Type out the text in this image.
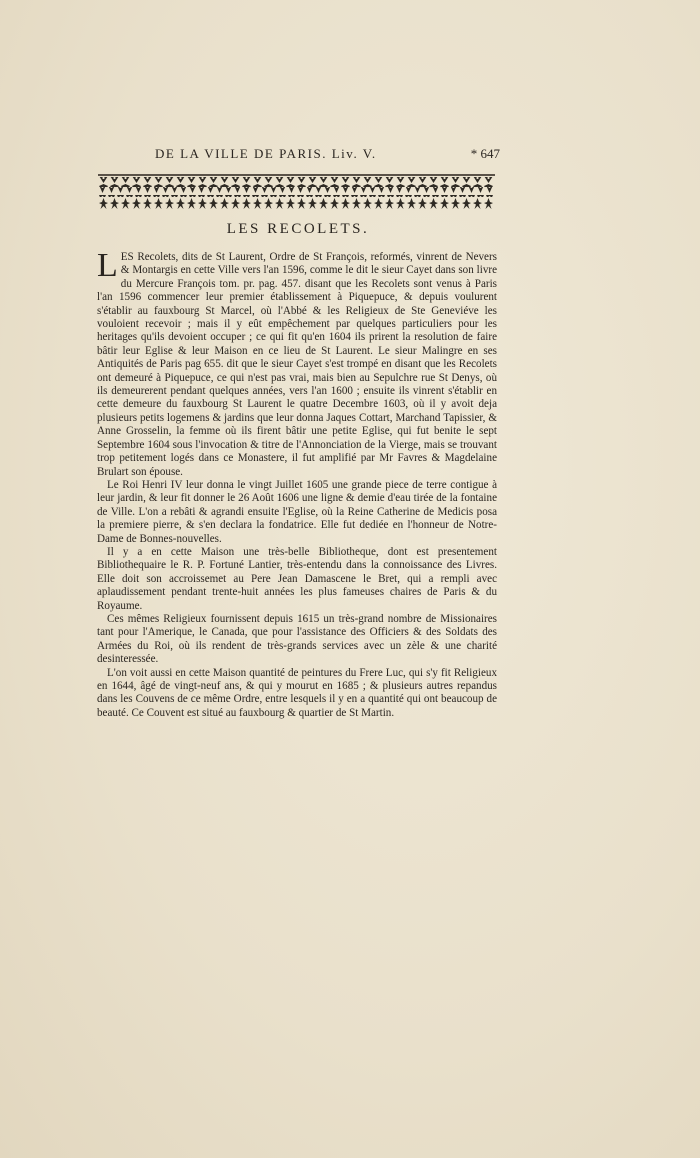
DE LA VILLE DE PARIS. Liv. V.	* 647
LES RECOLETS.

LES Recolets, dits de St Laurent, Ordre de St François, reformés, vinrent de Nevers & Montargis en cette Ville vers l'an 1596, comme le dit le sieur Cayet dans son livre du Mercure François tom. pr. pag. 457. disant que les Recolets sont venus à Paris l'an 1596 commencer leur premier établissement à Piquepuce, & depuis voulurent s'établir au fauxbourg St Marcel, où l'Abbé & les Religieux de Ste Geneviéve les vouloient recevoir ; mais il y eût empêchement par quelques particuliers pour les heritages qu'ils devoient occuper ; ce qui fit qu'en 1604 ils prirent la resolution de faire bâtir leur Eglise & leur Maison en ce lieu de St Laurent. Le sieur Malingre en ses Antiquités de Paris pag 655. dit que le sieur Cayet s'est trompé en disant que les Recolets ont demeuré à Piquepuce, ce qui n'est pas vrai, mais bien au Sepulchre rue St Denys, où ils demeurerent pendant quelques années, vers l'an 1600 ; ensuite ils vinrent s'établir en cette demeure du fauxbourg St Laurent le quatre Decembre 1603, où il y avoit deja plusieurs petits logemens & jardins que leur donna Jaques Cottart, Marchand Tapissier, & Anne Grosselin, la femme où ils firent bâtir une petite Eglise, qui fut benite le sept Septembre 1604 sous l'invocation & titre de l'Annonciation de la Vierge, mais se trouvant trop petitement logés dans ce Monastere, il fut amplifié par Mr Favres & Magdelaine Brulart son épouse.

Le Roi Henri IV leur donna le vingt Juillet 1605 une grande piece de terre contigue à leur jardin, & leur fit donner le 26 Août 1606 une ligne & demie d'eau tirée de la fontaine de Ville. L'on a rebâti & agrandi ensuite l'Eglise, où la Reine Catherine de Medicis posa la premiere pierre, & s'en declara la fondatrice. Elle fut dediée en l'honneur de Notre-Dame de Bonnes-nouvelles.

Il y a en cette Maison une très-belle Bibliotheque, dont est presentement Bibliothequaire le R. P. Fortuné Lantier, très-entendu dans la connoissance des Livres. Elle doit son accroissemet au Pere Jean Damascene le Bret, qui a rempli avec aplaudissement pendant trente-huit années les plus fameuses chaires de Paris & du Royaume.

Ces mêmes Religieux fournissent depuis 1615 un très-grand nombre de Missionaires tant pour l'Amerique, le Canada, que pour l'assistance des Officiers & des Soldats des Armées du Roi, où ils rendent de très-grands services avec un zèle & une charité desinteressée.

L'on voit aussi en cette Maison quantité de peintures du Frere Luc, qui s'y fit Religieux en 1644, âgé de vingt-neuf ans, & qui y mourut en 1685 ; & plusieurs autres repandus dans les Couvens de ce même Ordre, entre lesquels il y en a quantité qui ont beaucoup de beauté. Ce Couvent est situé au fauxbourg & quartier de St Martin.
